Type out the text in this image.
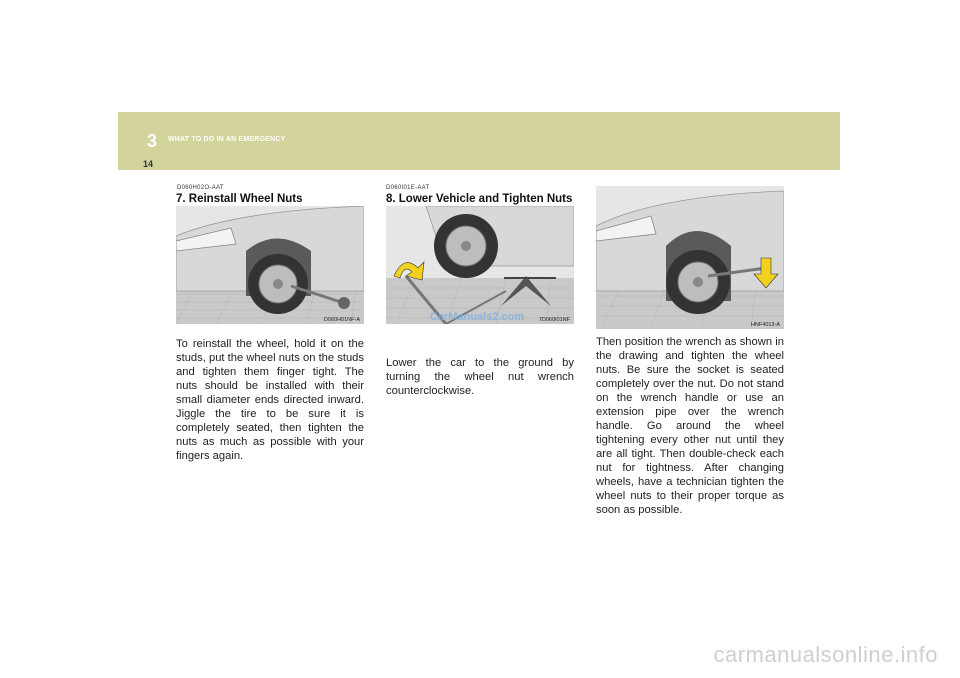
3 WHAT TO DO IN AN EMERGENCY
14
D060H02O-AAT
7. Reinstall Wheel Nuts
D060H01NF-A
To reinstall the wheel, hold it on the studs, put the wheel nuts on the studs and tighten them finger tight. The nuts should be installed with their small diameter ends directed inward. Jiggle the tire to be sure it is completely seated, then tighten the nuts as much as possible with your fingers again.
D060I01E-AAT
8. Lower Vehicle and Tighten Nuts
7D060I01NF
Lower the car to the ground by turning the wheel nut wrench counterclockwise.
HNF4013-A
Then position the wrench as shown in the drawing and tighten the wheel nuts. Be sure the socket is seated completely over the nut. Do not stand on the wrench handle or use an extension pipe over the wrench handle. Go around the wheel tightening every other nut until they are all tight. Then double-check each nut for tightness. After changing wheels, have a technician tighten the wheel nuts to their proper torque as soon as possible.
CarManuals2.com
carmanualsonline.info
